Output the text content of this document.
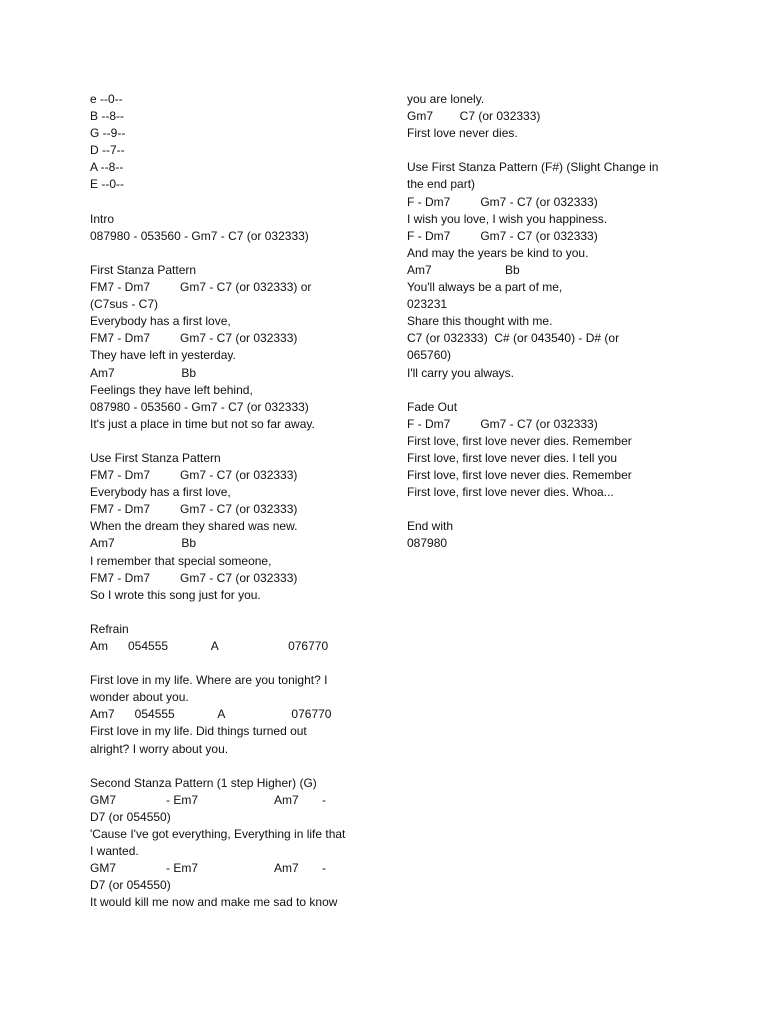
e --0--
B --8--
G --9--
D --7--
A --8--
E --0--
Intro
087980 - 053560 - Gm7 - C7 (or 032333)
First Stanza Pattern
FM7 - Dm7         Gm7 - C7 (or 032333) or
(C7sus - C7)
Everybody has a first love,
FM7 - Dm7         Gm7 - C7 (or 032333)
They have left in yesterday.
Am7                    Bb
Feelings they have left behind,
087980 - 053560 - Gm7 - C7 (or 032333)
It's just a place in time but not so far away.
Use First Stanza Pattern
FM7 - Dm7         Gm7 - C7 (or 032333)
Everybody has a first love,
FM7 - Dm7         Gm7 - C7 (or 032333)
When the dream they shared was new.
Am7                    Bb
I remember that special someone,
FM7 - Dm7         Gm7 - C7 (or 032333)
So I wrote this song just for you.
Refrain
Am      054555             A                     076770
First love in my life. Where are you tonight? I
wonder about you.
Am7      054555             A                    076770
First love in my life. Did things turned out
alright? I worry about you.
Second Stanza Pattern (1 step Higher) (G)
GM7               - Em7                       Am7       -
D7 (or 054550)
'Cause I've got everything, Everything in life that
I wanted.
GM7               - Em7                       Am7       -
D7 (or 054550)
It would kill me now and make me sad to know
you are lonely.
Gm7        C7 (or 032333)
First love never dies.
Use First Stanza Pattern (F#) (Slight Change in
the end part)
F - Dm7         Gm7 - C7 (or 032333)
I wish you love, I wish you happiness.
F - Dm7         Gm7 - C7 (or 032333)
And may the years be kind to you.
Am7                      Bb
You'll always be a part of me,
023231
Share this thought with me.
C7 (or 032333)  C# (or 043540) - D# (or
065760)
I'll carry you always.
Fade Out
F - Dm7         Gm7 - C7 (or 032333)
First love, first love never dies. Remember
First love, first love never dies. I tell you
First love, first love never dies. Remember
First love, first love never dies. Whoa...
End with
087980
